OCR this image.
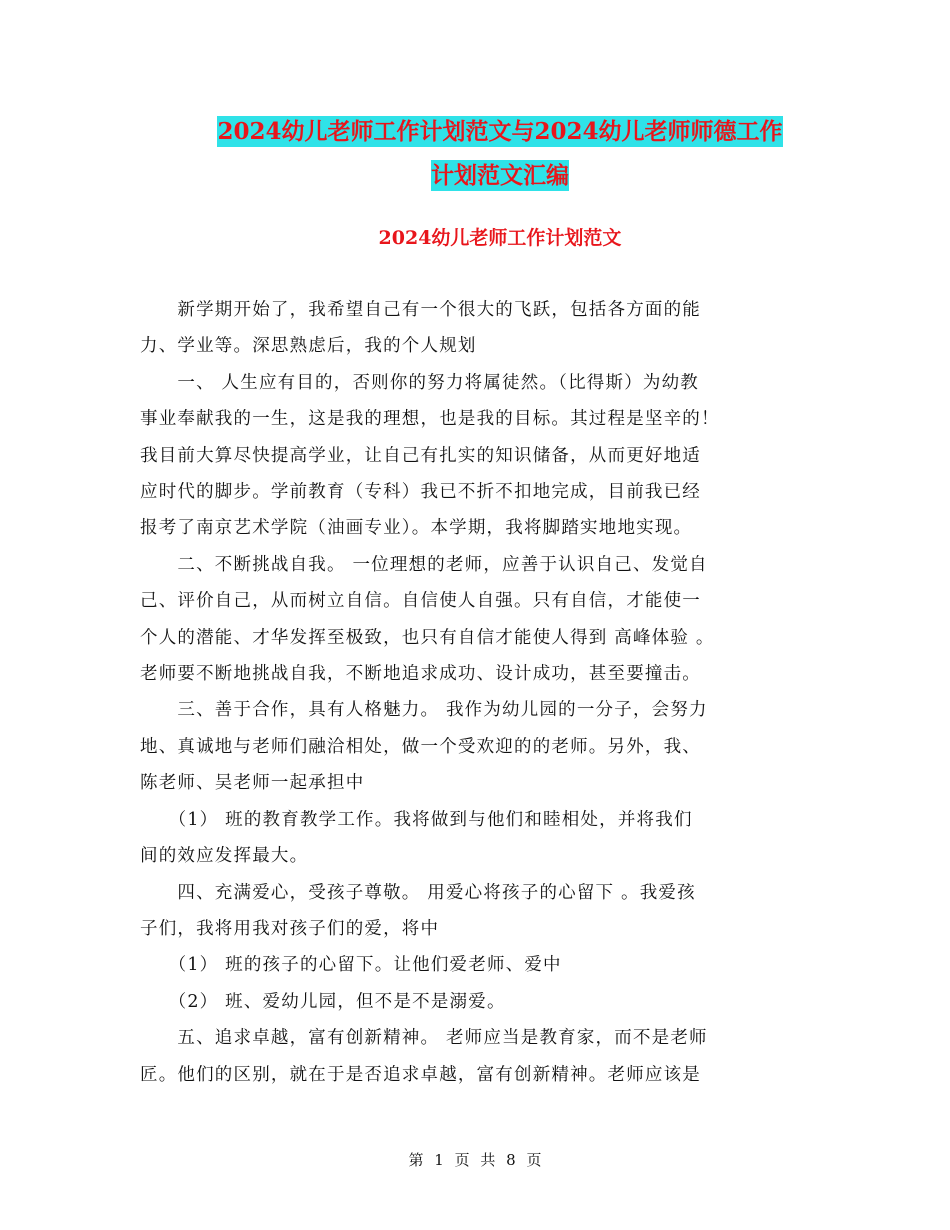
2024幼儿老师工作计划范文与2024幼儿老师师德工作
计划范文汇编
2024幼儿老师工作计划范文

　　新学期开始了，我希望自己有一个很大的飞跃，包括各方面的能

力、学业等。深思熟虑后，我的个人规划

　　一、 人生应有目的，否则你的努力将属徒然。（比得斯）为幼教

事业奉献我的一生，这是我的理想，也是我的目标。其过程是坚辛的！

我目前大算尽快提高学业，让自己有扎实的知识储备，从而更好地适

应时代的脚步。学前教育（专科）我已不折不扣地完成，目前我已经

报考了南京艺术学院（油画专业）。本学期，我将脚踏实地地实现。

　　二、不断挑战自我。 一位理想的老师，应善于认识自己、发觉自

己、评价自己，从而树立自信。自信使人自强。只有自信，才能使一

个人的潜能、才华发挥至极致，也只有自信才能使人得到 高峰体验 。

老师要不断地挑战自我，不断地追求成功、设计成功，甚至要撞击。

　　三、善于合作，具有人格魅力。 我作为幼儿园的一分子，会努力

地、真诚地与老师们融洽相处，做一个受欢迎的的老师。另外，我、

陈老师、吴老师一起承担中

　　（1） 班的教育教学工作。我将做到与他们和睦相处，并将我们

间的效应发挥最大。

　　四、充满爱心，受孩子尊敬。 用爱心将孩子的心留下 。我爱孩

子们，我将用我对孩子们的爱，将中

　　（1） 班的孩子的心留下。让他们爱老师、爱中

　　（2） 班、爱幼儿园，但不是不是溺爱。

　　五、追求卓越，富有创新精神。 老师应当是教育家，而不是老师

匠。他们的区别，就在于是否追求卓越，富有创新精神。老师应该是

第 1 页 共 8 页
